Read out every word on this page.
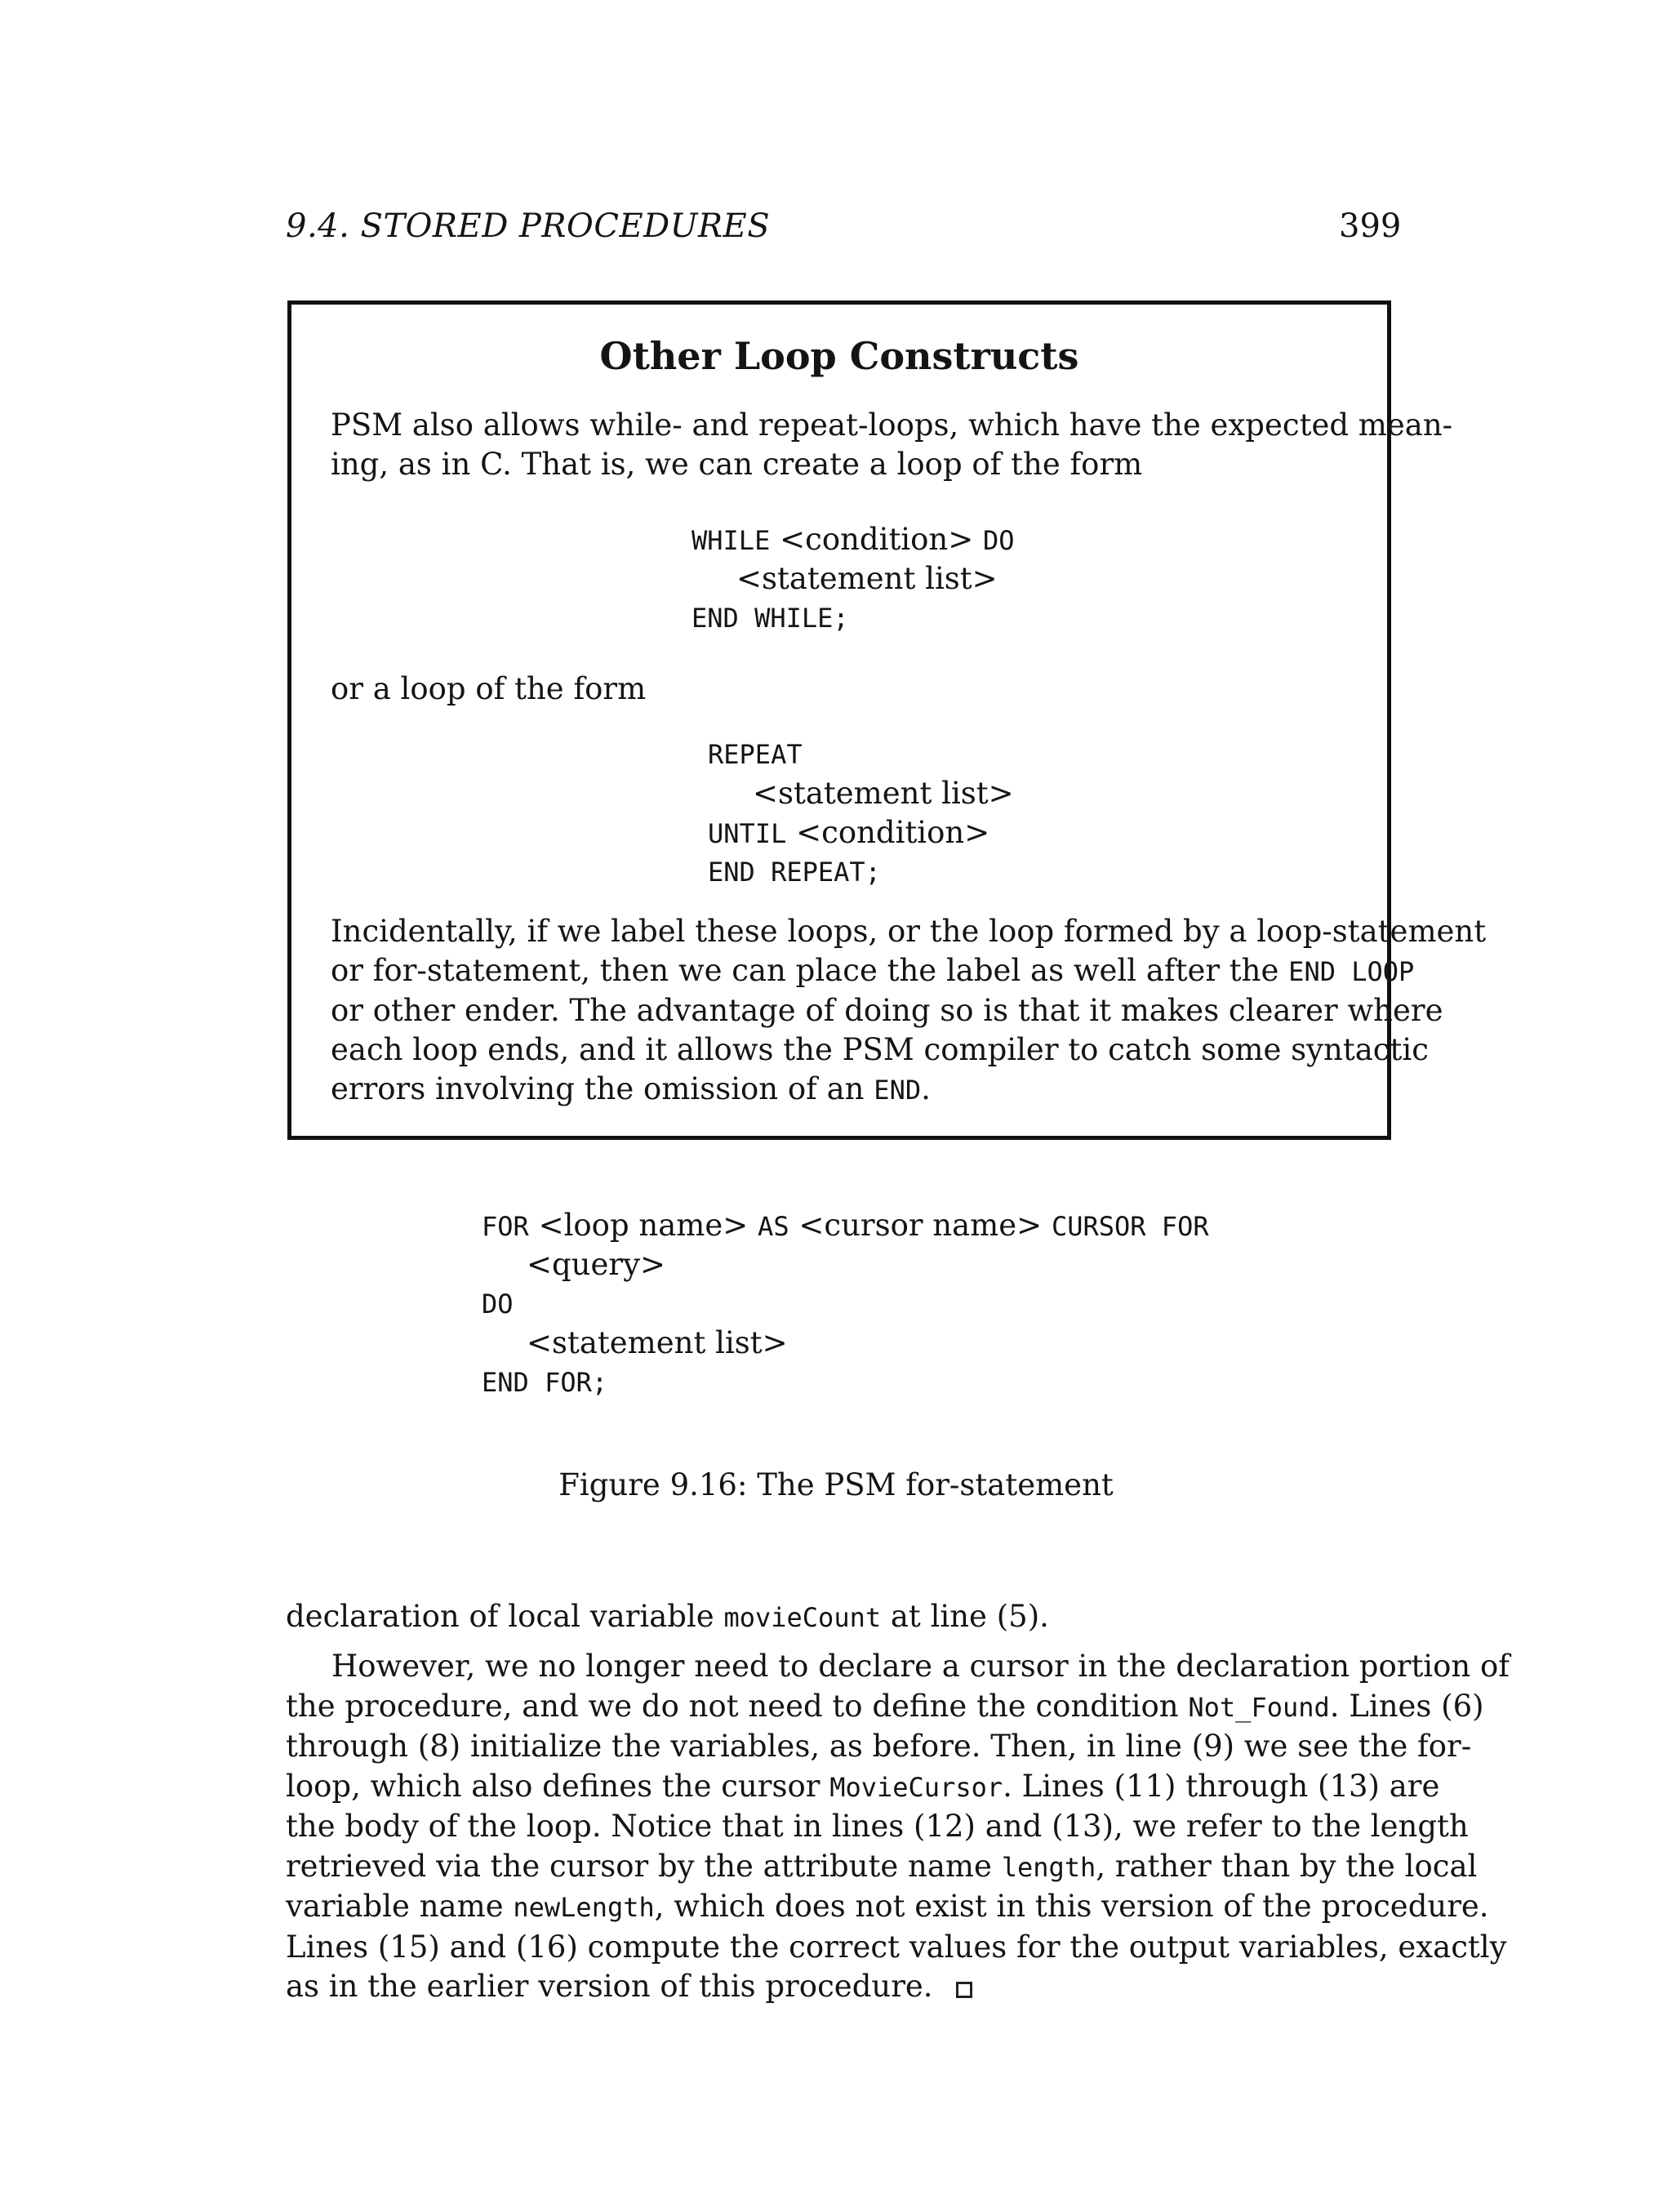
9.4. STORED PROCEDURES	399
Other Loop Constructs
PSM also allows while- and repeat-loops, which have the expected mean-
ing, as in C. That is, we can create a loop of the form
WHILE <condition> DO
<statement list>
END WHILE;
or a loop of the form
REPEAT
<statement list>
UNTIL <condition>
END REPEAT;
Incidentally, if we label these loops, or the loop formed by a loop-statement
or for-statement, then we can place the label as well after the END LOOP
or other ender. The advantage of doing so is that it makes clearer where
each loop ends, and it allows the PSM compiler to catch some syntactic
errors involving the omission of an END.
FOR <loop name> AS <cursor name> CURSOR FOR
<query>
DO
<statement list>
END FOR;
Figure 9.16: The PSM for-statement
declaration of local variable movieCount at line (5).
However, we no longer need to declare a cursor in the declaration portion of
the procedure, and we do not need to define the condition Not_Found. Lines (6)
through (8) initialize the variables, as before. Then, in line (9) we see the for-
loop, which also defines the cursor MovieCursor. Lines (11) through (13) are
the body of the loop. Notice that in lines (12) and (13), we refer to the length
retrieved via the cursor by the attribute name length, rather than by the local
variable name newLength, which does not exist in this version of the procedure.
Lines (15) and (16) compute the correct values for the output variables, exactly
as in the earlier version of this procedure.
